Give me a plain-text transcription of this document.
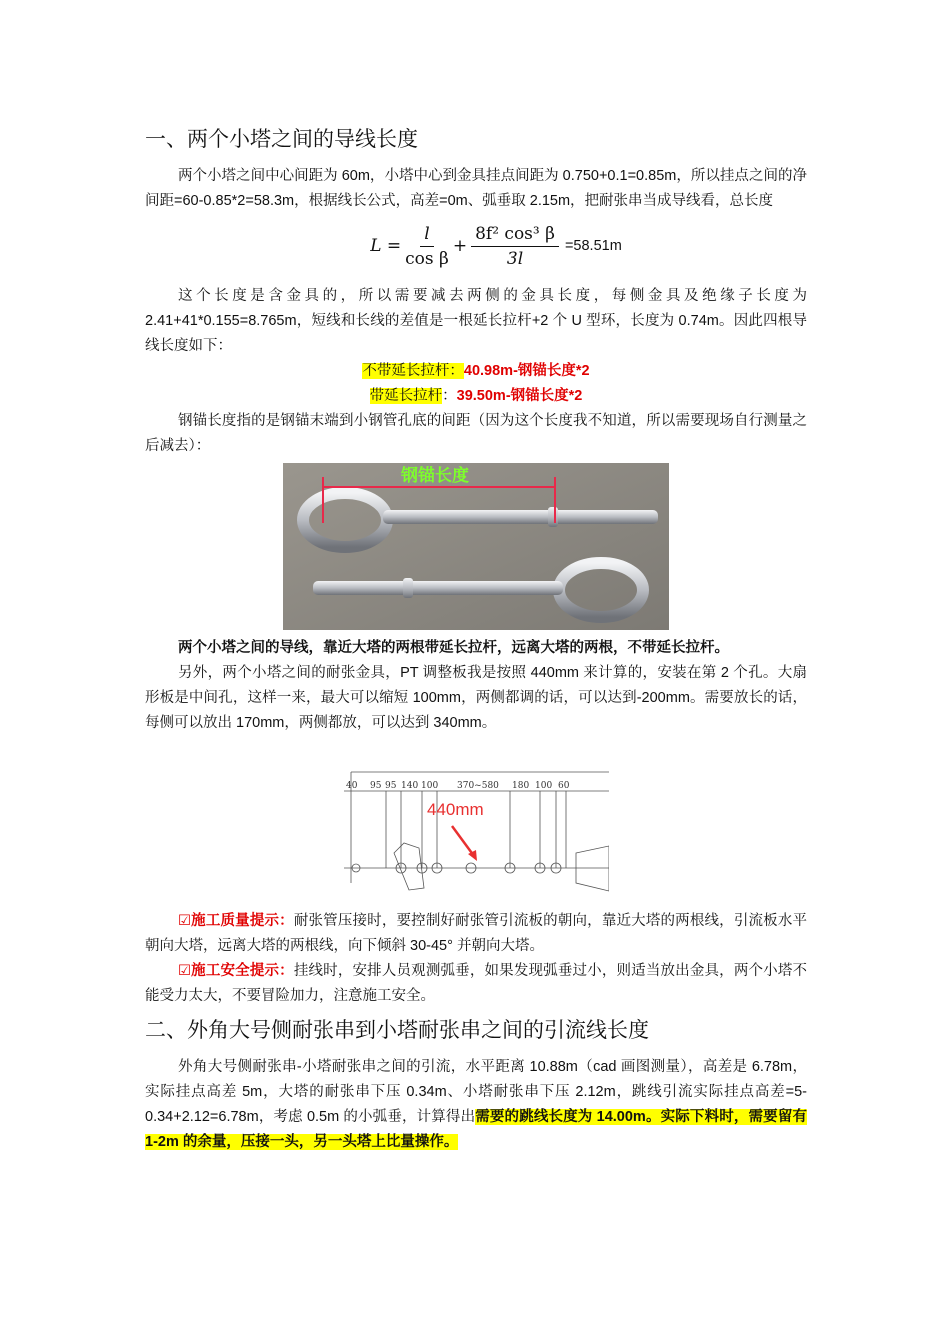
一、两个小塔之间的导线长度

两个小塔之间中心间距为 60m，小塔中心到金具挂点间距为 0.750+0.1=0.85m，所以挂点之间的净间距=60-0.85*2=58.3m，根据线长公式，高差=0m、弧垂取 2.15m，把耐张串当成导线看，总长度

$L = \frac{l}{\text{cos β}} + \frac{\text{8f² cos³ β}}{3l} =58.51m$

这个长度是含金具的，所以需要减去两侧的金具长度，每侧金具及绝缘子长度为 2.41+41*0.155=8.765m，短线和长线的差值是一根延长拉杆+2 个 U 型环，长度为 0.74m。因此四根导线长度如下：

不带延长拉杆：40.98m-钢锚长度*2

带延长拉杆：39.50m-钢锚长度*2

钢锚长度指的是钢锚末端到小钢管孔底的间距（因为这个长度我不知道，所以需要现场自行测量之后减去）：

钢锚长度

两个小塔之间的导线，靠近大塔的两根带延长拉杆，远离大塔的两根，不带延长拉杆。

另外，两个小塔之间的耐张金具，PT 调整板我是按照 440mm 来计算的，安装在第 2 个孔。大扇形板是中间孔，这样一来，最大可以缩短 100mm，两侧都调的话，可以达到-200mm。需要放长的话，每侧可以放出 170mm，两侧都放，可以达到 340mm。

40 95 95 140 100 370~580 180 100 60
440mm

☑施工质量提示：耐张管压接时，要控制好耐张管引流板的朝向，靠近大塔的两根线，引流板水平朝向大塔，远离大塔的两根线，向下倾斜 30-45° 并朝向大塔。

☑施工安全提示：挂线时，安排人员观测弧垂，如果发现弧垂过小，则适当放出金具，两个小塔不能受力太大，不要冒险加力，注意施工安全。

二、外角大号侧耐张串到小塔耐张串之间的引流线长度

外角大号侧耐张串-小塔耐张串之间的引流，水平距离 10.88m（cad 画图测量），高差是 6.78m，实际挂点高差 5m，大塔的耐张串下压 0.34m、小塔耐张串下压 2.12m，跳线引流实际挂点高差=5-0.34+2.12=6.78m，考虑 0.5m 的小弧垂，计算得出需要的跳线长度为 14.00m。实际下料时，需要留有 1-2m 的余量，压接一头，另一头塔上比量操作。
